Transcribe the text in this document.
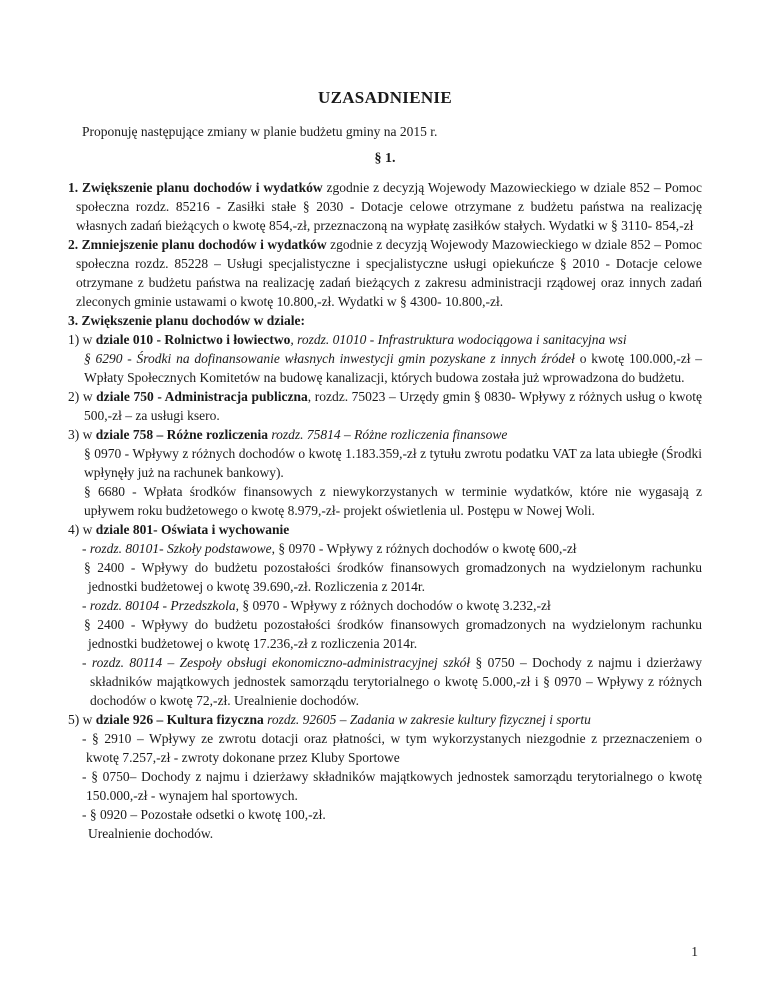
UZASADNIENIE

Proponuję następujące zmiany w planie budżetu gminy na 2015 r.

§ 1.

1. Zwiększenie planu dochodów i wydatków zgodnie z decyzją Wojewody Mazowieckiego w dziale 852 – Pomoc społeczna rozdz. 85216 - Zasiłki stałe § 2030 - Dotacje celowe otrzymane z budżetu państwa na realizację własnych zadań bieżących o kwotę 854,-zł, przeznaczoną na wypłatę zasiłków stałych. Wydatki w § 3110- 854,-zł

2. Zmniejszenie planu dochodów i wydatków zgodnie z decyzją Wojewody Mazowieckiego w dziale 852 – Pomoc społeczna rozdz. 85228 – Usługi specjalistyczne i specjalistyczne usługi opiekuńcze § 2010 - Dotacje celowe otrzymane z budżetu państwa na realizację zadań bieżących z zakresu administracji rządowej oraz innych zadań zleconych gminie ustawami o kwotę 10.800,-zł. Wydatki w § 4300- 10.800,-zł.

3. Zwiększenie planu dochodów w dziale:

1) w dziale 010 - Rolnictwo i łowiectwo, rozdz. 01010 - Infrastruktura wodociągowa i sanitacyjna wsi

§ 6290 - Środki na dofinansowanie własnych inwestycji gmin pozyskane z innych źródeł o kwotę 100.000,-zł – Wpłaty Społecznych Komitetów na budowę kanalizacji, których budowa została już wprowadzona do budżetu.

2) w dziale 750 - Administracja publiczna, rozdz. 75023 – Urzędy gmin § 0830- Wpływy z różnych usług o kwotę 500,-zł – za usługi ksero.

3) w dziale 758 – Różne rozliczenia rozdz. 75814 – Różne rozliczenia finansowe

§ 0970 - Wpływy z różnych dochodów o kwotę 1.183.359,-zł z tytułu zwrotu podatku VAT za lata ubiegłe (Środki wpłynęły już na rachunek bankowy).

§ 6680 - Wpłata środków finansowych z niewykorzystanych w terminie wydatków, które nie wygasają z upływem roku budżetowego o kwotę 8.979,-zł- projekt oświetlenia ul. Postępu w Nowej Woli.

4) w dziale 801- Oświata i wychowanie

- rozdz. 80101- Szkoły podstawowe, § 0970 - Wpływy z różnych dochodów o kwotę 600,-zł

§ 2400 - Wpływy do budżetu pozostałości środków finansowych gromadzonych na wydzielonym rachunku jednostki budżetowej o kwotę 39.690,-zł. Rozliczenia z 2014r.

- rozdz. 80104 - Przedszkola, § 0970 - Wpływy z różnych dochodów o kwotę 3.232,-zł

§ 2400 - Wpływy do budżetu pozostałości środków finansowych gromadzonych na wydzielonym rachunku jednostki budżetowej o kwotę 17.236,-zł z rozliczenia 2014r.

- rozdz. 80114 – Zespoły obsługi ekonomiczno-administracyjnej szkół § 0750 – Dochody z najmu i dzierżawy składników majątkowych jednostek samorządu terytorialnego o kwotę 5.000,-zł i § 0970 – Wpływy z różnych dochodów o kwotę 72,-zł. Urealnienie dochodów.

5) w dziale 926 – Kultura fizyczna rozdz. 92605 – Zadania w zakresie kultury fizycznej i sportu

- § 2910 – Wpływy ze zwrotu dotacji oraz płatności, w tym wykorzystanych niezgodnie z przeznaczeniem o kwotę 7.257,-zł - zwroty dokonane przez Kluby Sportowe

- § 0750– Dochody z najmu i dzierżawy składników majątkowych jednostek samorządu terytorialnego o kwotę 150.000,-zł - wynajem hal sportowych.

- § 0920 – Pozostałe odsetki o kwotę 100,-zł.

Urealnienie dochodów.

1
